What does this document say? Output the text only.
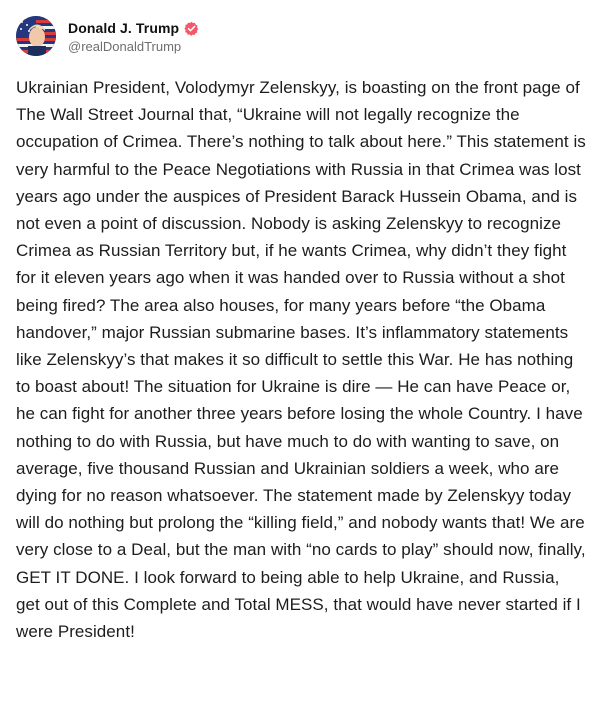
Donald J. Trump
@realDonaldTrump
Ukrainian President, Volodymyr Zelenskyy, is boasting on the front page of The Wall Street Journal that, “Ukraine will not legally recognize the occupation of Crimea. There’s nothing to talk about here.” This statement is very harmful to the Peace Negotiations with Russia in that Crimea was lost years ago under the auspices of President Barack Hussein Obama, and is not even a point of discussion. Nobody is asking Zelenskyy to recognize Crimea as Russian Territory but, if he wants Crimea, why didn’t they fight for it eleven years ago when it was handed over to Russia without a shot being fired? The area also houses, for many years before “the Obama handover,” major Russian submarine bases. It’s inflammatory statements like Zelenskyy’s that makes it so difficult to settle this War. He has nothing to boast about! The situation for Ukraine is dire — He can have Peace or, he can fight for another three years before losing the whole Country. I have nothing to do with Russia, but have much to do with wanting to save, on average, five thousand Russian and Ukrainian soldiers a week, who are dying for no reason whatsoever. The statement made by Zelenskyy today will do nothing but prolong the “killing field,” and nobody wants that! We are very close to a Deal, but the man with “no cards to play” should now, finally, GET IT DONE. I look forward to being able to help Ukraine, and Russia, get out of this Complete and Total MESS, that would have never started if I were President!
